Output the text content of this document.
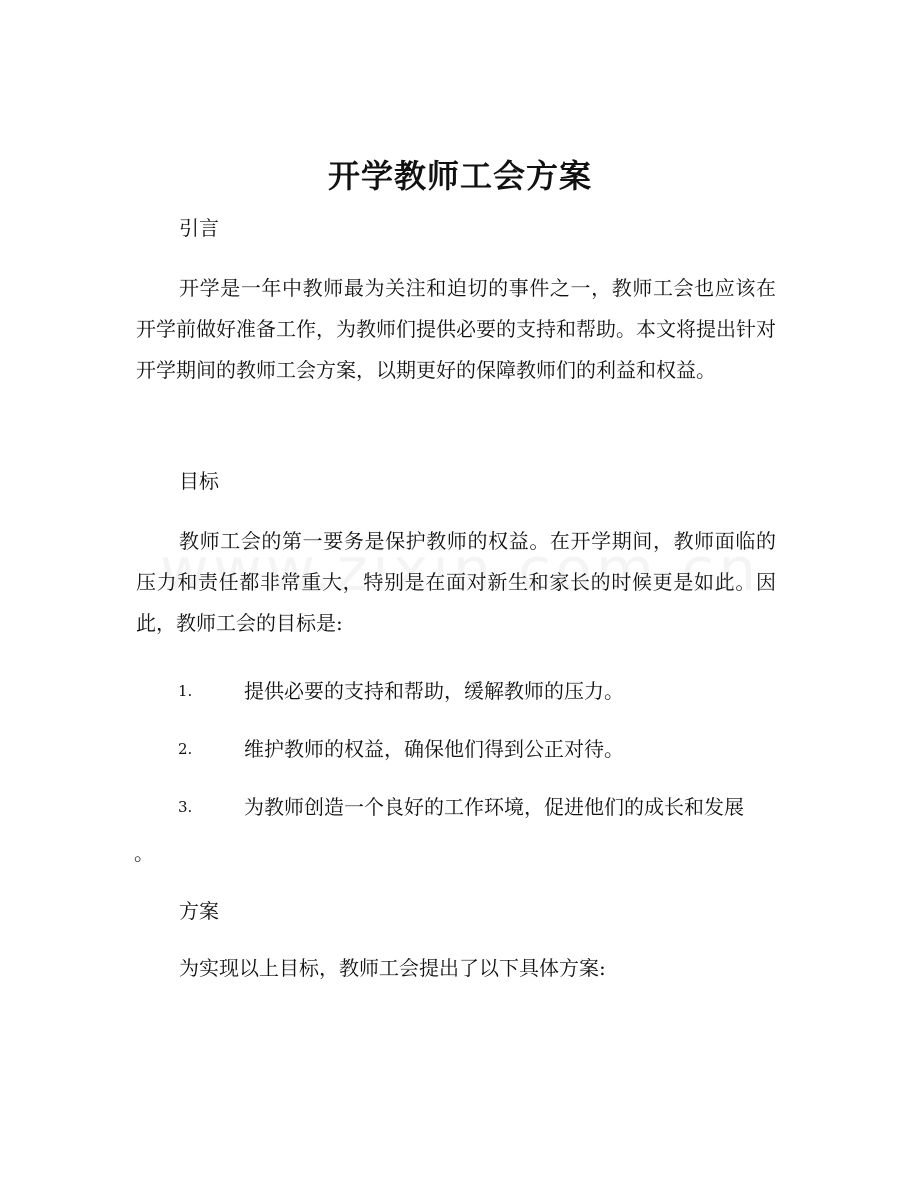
开学教师工会方案
引言
开学是一年中教师最为关注和迫切的事件之一，教师工会也应该在开学前做好准备工作，为教师们提供必要的支持和帮助。本文将提出针对开学期间的教师工会方案，以期更好的保障教师们的利益和权益。
目标
教师工会的第一要务是保护教师的权益。在开学期间，教师面临的压力和责任都非常重大，特别是在面对新生和家长的时候更是如此。因此，教师工会的目标是:
1.	提供必要的支持和帮助，缓解教师的压力。
2.	维护教师的权益，确保他们得到公正对待。
3.	为教师创造一个良好的工作环境，促进他们的成长和发展
。
方案
为实现以上目标，教师工会提出了以下具体方案:
